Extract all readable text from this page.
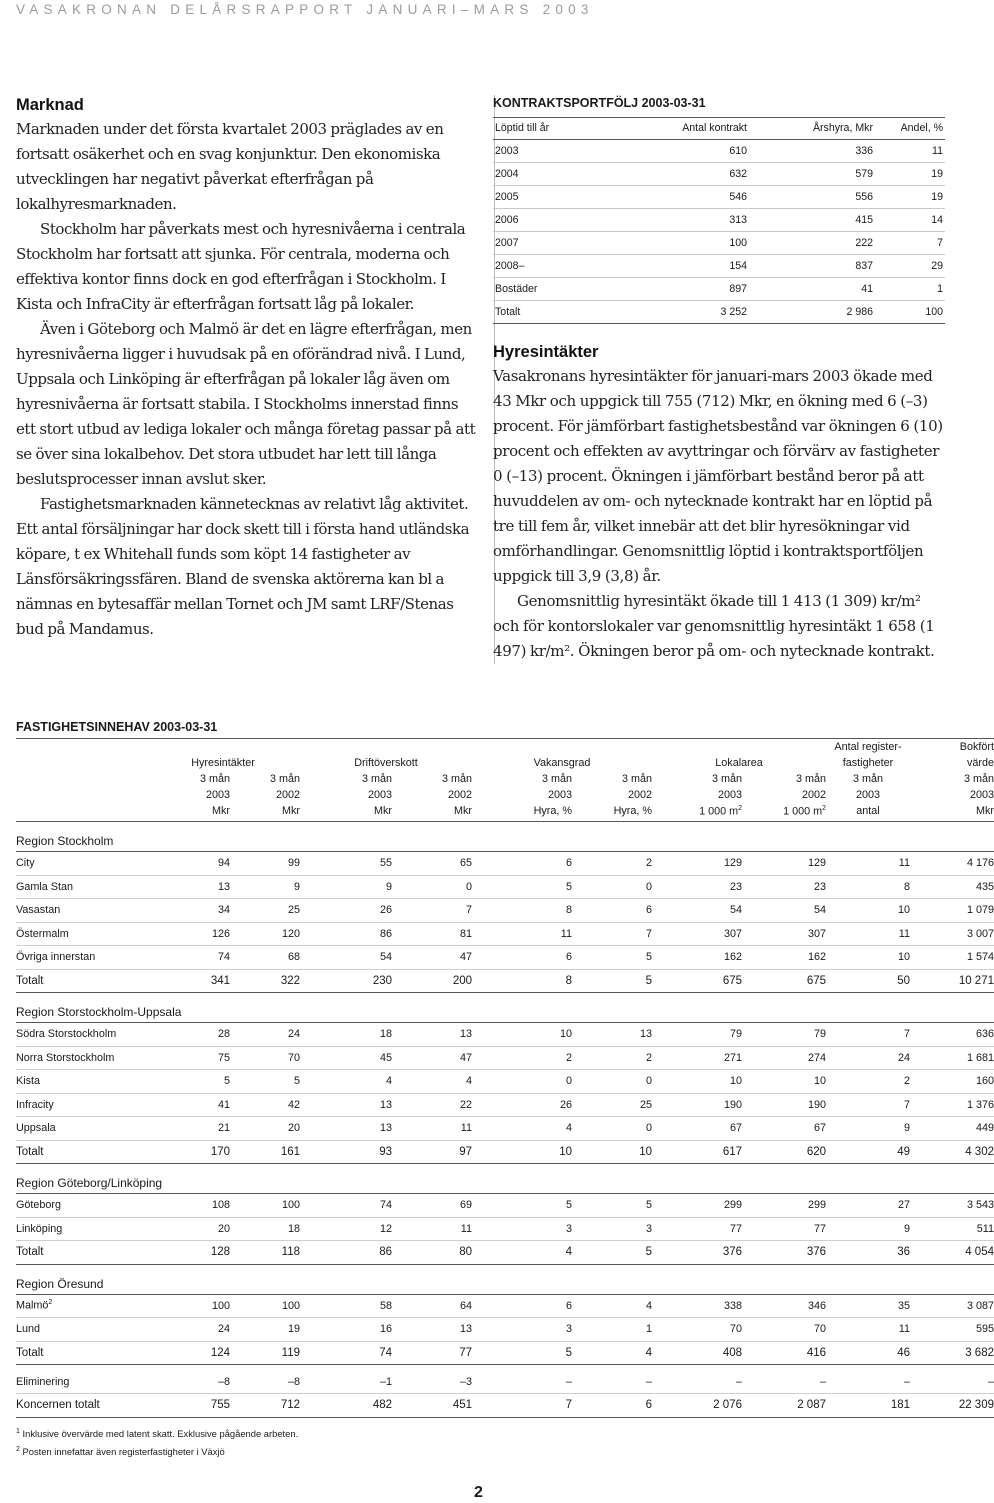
VASAKRONAN DELÅRSRAPPORT JANUARI–MARS 2003
Marknad

Marknaden under det första kvartalet 2003 präglades av en fortsatt osäkerhet och en svag konjunktur. Den ekonomiska utvecklingen har negativt påverkat efterfrågan på lokalhyresmarknaden.

Stockholm har påverkats mest och hyresnivåerna i centrala Stockholm har fortsatt att sjunka. För centrala, moderna och effektiva kontor finns dock en god efterfrågan i Stockholm. I Kista och InfraCity är efterfrågan fortsatt låg på lokaler.

Även i Göteborg och Malmö är det en lägre efterfrågan, men hyresnivåerna ligger i huvudsak på en oförändrad nivå. I Lund, Uppsala och Linköping är efterfrågan på lokaler låg även om hyresnivåerna är fortsatt stabila. I Stockholms innerstad finns ett stort utbud av lediga lokaler och många företag passar på att se över sina lokalbehov. Det stora utbudet har lett till långa beslutsprocesser innan avslut sker.

Fastighetsmarknaden kännetecknas av relativt låg aktivitet. Ett antal försäljningar har dock skett till i första hand utländska köpare, t ex Whitehall funds som köpt 14 fastigheter av Länsförsäkringssfären. Bland de svenska aktörerna kan bl a nämnas en bytesaffär mellan Tornet och JM samt LRF/Stenas bud på Mandamus.

KONTRAKTSPORTFÖLJ 2003-03-31
Löptid till år	Antal kontrakt	Årshyra, Mkr	Andel, %
2003	610	336	11
2004	632	579	19
2005	546	556	19
2006	313	415	14
2007	100	222	7
2008–	154	837	29
Bostäder	897	41	1
Totalt	3 252	2 986	100
Hyresintäkter

Vasakronans hyresintäkter för januari-mars 2003 ökade med 43 Mkr och uppgick till 755 (712) Mkr, en ökning med 6 (–3) procent. För jämförbart fastighetsbestånd var ökningen 6 (10) procent och effekten av avyttringar och förvärv av fastigheter 0 (–13) procent. Ökningen i jämförbart bestånd beror på att huvuddelen av om- och nytecknade kontrakt har en löptid på tre till fem år, vilket innebär att det blir hyresökningar vid omförhandlingar. Genomsnittlig löptid i kontraktsportföljen uppgick till 3,9 (3,8) år.

Genomsnittlig hyresintäkt ökade till 1 413 (1 309) kr/m² och för kontorslokaler var genomsnittlig hyresintäkt 1 658 (1 497) kr/m². Ökningen beror på om- och nytecknade kontrakt.

FASTIGHETSINNEHAV 2003-03-31
									Antal register-	Bokfört
	Hyresintäkter		Driftöverskott		Vakansgrad		Lokalarea		fastigheter	värde
	3 mån	3 mån	3 mån	3 mån	3 mån	3 mån	3 mån	3 mån	3 mån	3 mån
	2003	2002	2003	2002	2003	2002	2003	2002	2003	2003
	Mkr	Mkr	Mkr	Mkr	Hyra, %	Hyra, %	1 000 $m^2$	1 000 $m^2$	antal	Mkr
Region Stockholm										
City	94	99	55	65	6	2	129	129	11	4 176
Gamla Stan	13	9	9	0	5	0	23	23	8	435
Vasastan	34	25	26	7	8	6	54	54	10	1 079
Östermalm	126	120	86	81	11	7	307	307	11	3 007
Övriga innerstan	74	68	54	47	6	5	162	162	10	1 574
Totalt	341	322	230	200	8	5	675	675	50	10 271
Region Storstockholm-Uppsala										
Södra Storstockholm	28	24	18	13	10	13	79	79	7	636
Norra Storstockholm	75	70	45	47	2	2	271	274	24	1 681
Kista	5	5	4	4	0	0	10	10	2	160
Infracity	41	42	13	22	26	25	190	190	7	1 376
Uppsala	21	20	13	11	4	0	67	67	9	449
Totalt	170	161	93	97	10	10	617	620	49	4 302
Region Göteborg/Linköping										
Göteborg	108	100	74	69	5	5	299	299	27	3 543
Linköping	20	18	12	11	3	3	77	77	9	511
Totalt	128	118	86	80	4	5	376	376	36	4 054
Region Öresund										
Malmö$^2$	100	100	58	64	6	4	338	346	35	3 087
Lund	24	19	16	13	3	1	70	70	11	595
Totalt	124	119	74	77	5	4	408	416	46	3 682

Eliminering	–8	–8	–1	–3	–	–	–	–	–	–
Koncernen totalt	755	712	482	451	7	6	2 076	2 087	181	22 309
$^1$ Inklusive övervärde med latent skatt. Exklusive pågående arbeten.
$^2$ Posten innefattar även registerfastigheter i Växjö
2
